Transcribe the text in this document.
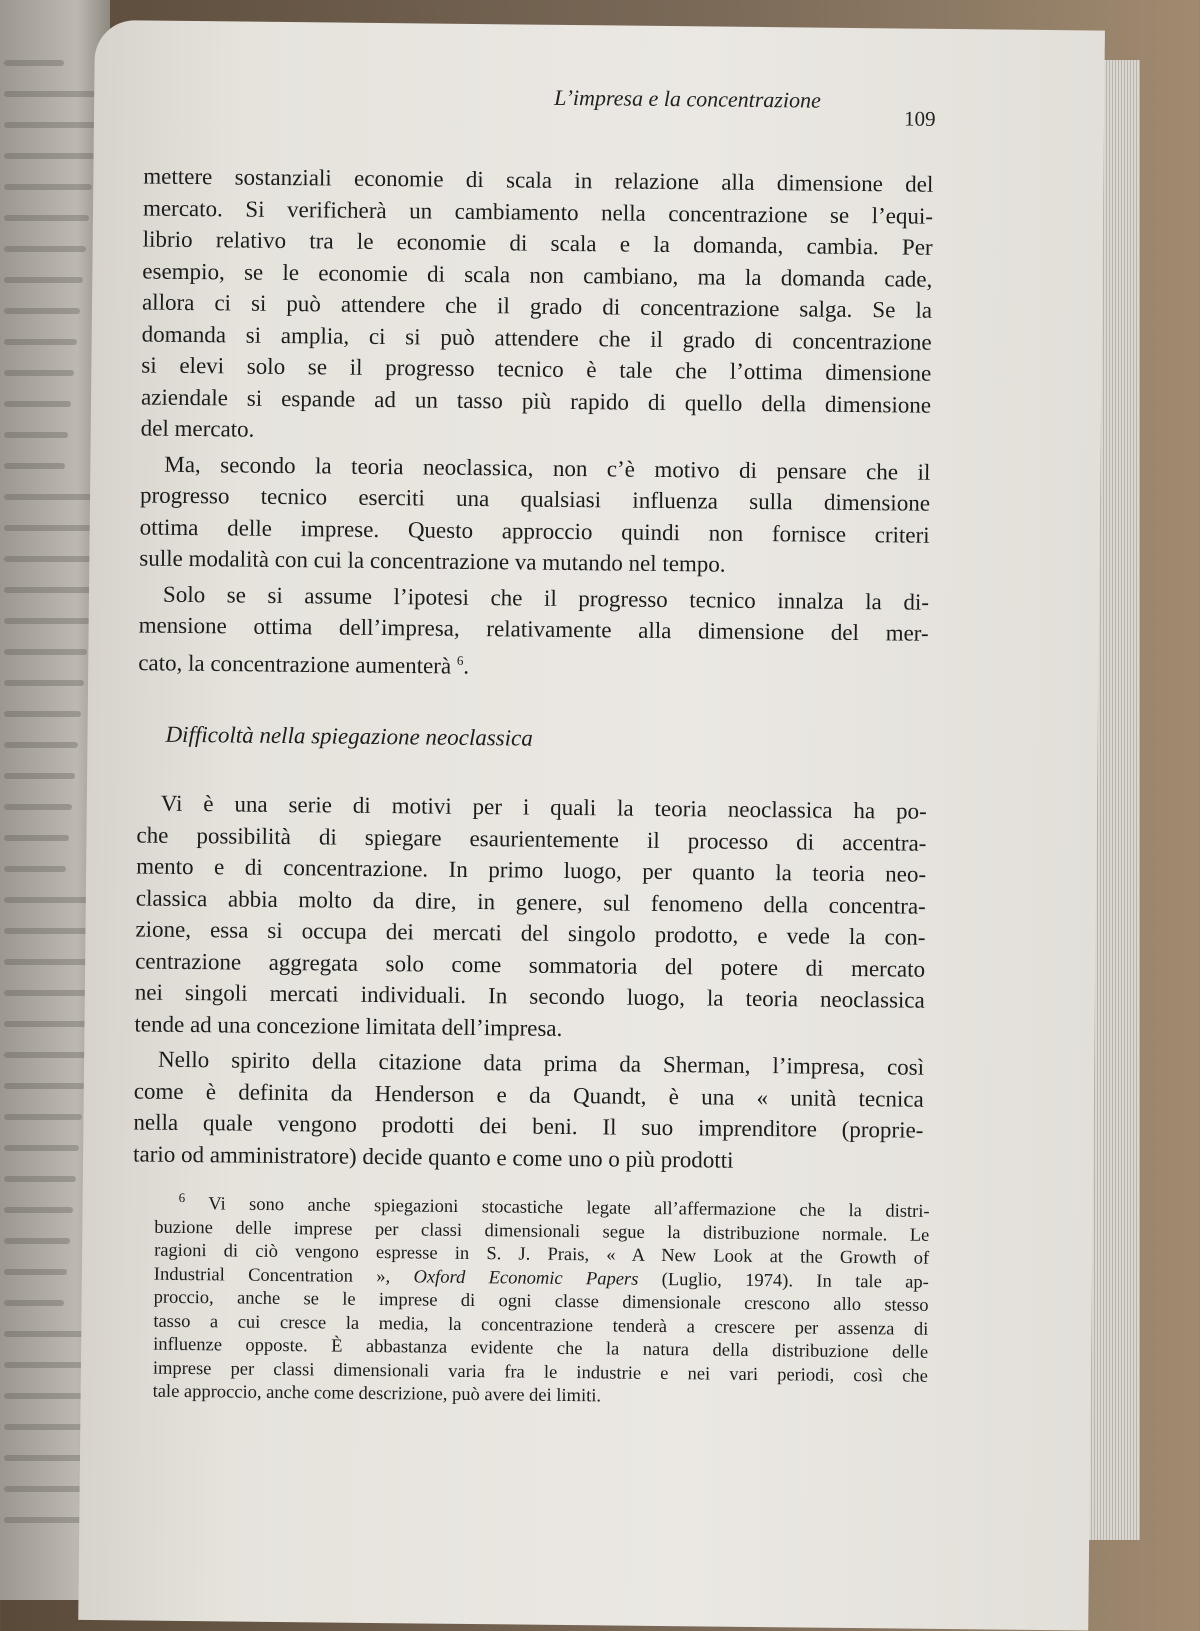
L’impresa e la concentrazione
109
mettere sostanziali economie di scala in relazione alla dimensione del
mercato. Si verificherà un cambiamento nella concentrazione se l’equi-
librio relativo tra le economie di scala e la domanda, cambia. Per
esempio, se le economie di scala non cambiano, ma la domanda cade,
allora ci si può attendere che il grado di concentrazione salga. Se la
domanda si amplia, ci si può attendere che il grado di concentrazione
si elevi solo se il progresso tecnico è tale che l’ottima dimensione
aziendale si espande ad un tasso più rapido di quello della dimensione
del mercato.
Ma, secondo la teoria neoclassica, non c’è motivo di pensare che il
progresso tecnico eserciti una qualsiasi influenza sulla dimensione
ottima delle imprese. Questo approccio quindi non fornisce criteri
sulle modalità con cui la concentrazione va mutando nel tempo.
Solo se si assume l’ipotesi che il progresso tecnico innalza la di-
mensione ottima dell’impresa, relativamente alla dimensione del mer-
cato, la concentrazione aumenterà $^6$.
Difficoltà nella spiegazione neoclassica
Vi è una serie di motivi per i quali la teoria neoclassica ha po-
che possibilità di spiegare esaurientemente il processo di accentra-
mento e di concentrazione. In primo luogo, per quanto la teoria neo-
classica abbia molto da dire, in genere, sul fenomeno della concentra-
zione, essa si occupa dei mercati del singolo prodotto, e vede la con-
centrazione aggregata solo come sommatoria del potere di mercato
nei singoli mercati individuali. In secondo luogo, la teoria neoclassica
tende ad una concezione limitata dell’impresa.
Nello spirito della citazione data prima da Sherman, l’impresa, così
come è definita da Henderson e da Quandt, è una « unità tecnica
nella quale vengono prodotti dei beni. Il suo imprenditore (proprie-
tario od amministratore) decide quanto e come uno o più prodotti
$^6$ Vi sono anche spiegazioni stocastiche legate all’affermazione che la distri-
buzione delle imprese per classi dimensionali segue la distribuzione normale. Le
ragioni di ciò vengono espresse in S. J. Prais, « A New Look at the Growth of
Industrial Concentration », Oxford Economic Papers (Luglio, 1974). In tale ap-
proccio, anche se le imprese di ogni classe dimensionale crescono allo stesso
tasso a cui cresce la media, la concentrazione tenderà a crescere per assenza di
influenze opposte. È abbastanza evidente che la natura della distribuzione delle
imprese per classi dimensionali varia fra le industrie e nei vari periodi, così che
tale approccio, anche come descrizione, può avere dei limiti.
